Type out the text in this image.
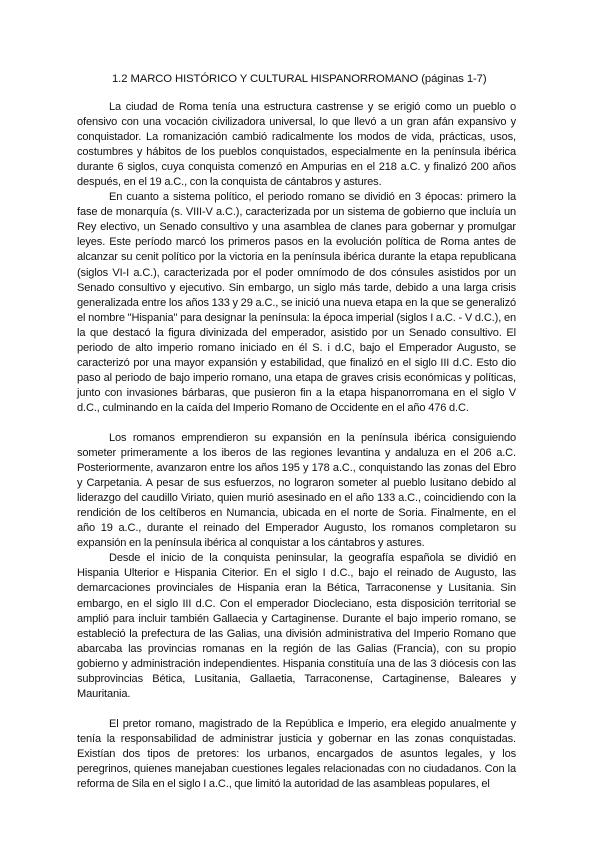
1.2 MARCO HISTÓRICO Y CULTURAL HISPANORROMANO (páginas 1-7)

La ciudad de Roma tenía una estructura castrense y se erigió como un pueblo o ofensivo con una vocación civilizadora universal, lo que llevó a un gran afán expansivo y conquistador. La romanización cambió radicalmente los modos de vida, prácticas, usos, costumbres y hábitos de los pueblos conquistados, especialmente en la península ibérica durante 6 siglos, cuya conquista comenzó en Ampurias en el 218 a.C. y finalizó 200 años después, en el 19 a.C., con la conquista de cántabros y astures.

En cuanto a sistema político, el periodo romano se dividió en 3 épocas: primero la fase de monarquía (s. VIII-V a.C.), caracterizada por un sistema de gobierno que incluía un Rey electivo, un Senado consultivo y una asamblea de clanes para gobernar y promulgar leyes. Este período marcó los primeros pasos en la evolución política de Roma antes de alcanzar su cenit político por la victoria en la península ibérica durante la etapa republicana (siglos VI-I a.C.), caracterizada por el poder omnímodo de dos cónsules asistidos por un Senado consultivo y ejecutivo. Sin embargo, un siglo más tarde, debido a una larga crisis generalizada entre los años 133 y 29 a.C., se inició una nueva etapa en la que se generalizó el nombre "Hispania" para designar la península: la época imperial (siglos I a.C. - V d.C.), en la que destacó la figura divinizada del emperador, asistido por un Senado consultivo. El periodo de alto imperio romano iniciado en él S. i d.C, bajo el Emperador Augusto, se caracterizó por una mayor expansión y estabilidad, que finalizó en el siglo III d.C. Esto dio paso al periodo de bajo imperio romano, una etapa de graves crisis económicas y políticas, junto con invasiones bárbaras, que pusieron fin a la etapa hispanorromana en el siglo V d.C., culminando en la caída del Imperio Romano de Occidente en el año 476 d.C.

Los romanos emprendieron su expansión en la península ibérica consiguiendo someter primeramente a los iberos de las regiones levantina y andaluza en el 206 a.C. Posteriormente, avanzaron entre los años 195 y 178 a.C., conquistando las zonas del Ebro y Carpetania. A pesar de sus esfuerzos, no lograron someter al pueblo lusitano debido al liderazgo del caudillo Viriato, quien murió asesinado en el año 133 a.C., coincidiendo con la rendición de los celtíberos en Numancia, ubicada en el norte de Soria. Finalmente, en el año 19 a.C., durante el reinado del Emperador Augusto, los romanos completaron su expansión en la península ibérica al conquistar a los cántabros y astures.

Desde el inicio de la conquista peninsular, la geografía española se dividió en Hispania Ulterior e Hispania Citerior. En el siglo I d.C., bajo el reinado de Augusto, las demarcaciones provinciales de Hispania eran la Bética, Tarraconense y Lusitania. Sin embargo, en el siglo III d.C. Con el emperador Diocleciano, esta disposición territorial se amplió para incluir también Gallaecia y Cartaginense. Durante el bajo imperio romano, se estableció la prefectura de las Galias, una división administrativa del Imperio Romano que abarcaba las provincias romanas en la región de las Galias (Francia), con su propio gobierno y administración independientes. Hispania constituía una de las 3 diócesis con las subprovincias Bética, Lusitania, Gallaetia, Tarraconense, Cartaginense, Baleares y Mauritania.

El pretor romano, magistrado de la República e Imperio, era elegido anualmente y tenía la responsabilidad de administrar justicia y gobernar en las zonas conquistadas. Existían dos tipos de pretores: los urbanos, encargados de asuntos legales, y los peregrinos, quienes manejaban cuestiones legales relacionadas con no ciudadanos. Con la reforma de Sila en el siglo I a.C., que limitó la autoridad de las asambleas populares, el
